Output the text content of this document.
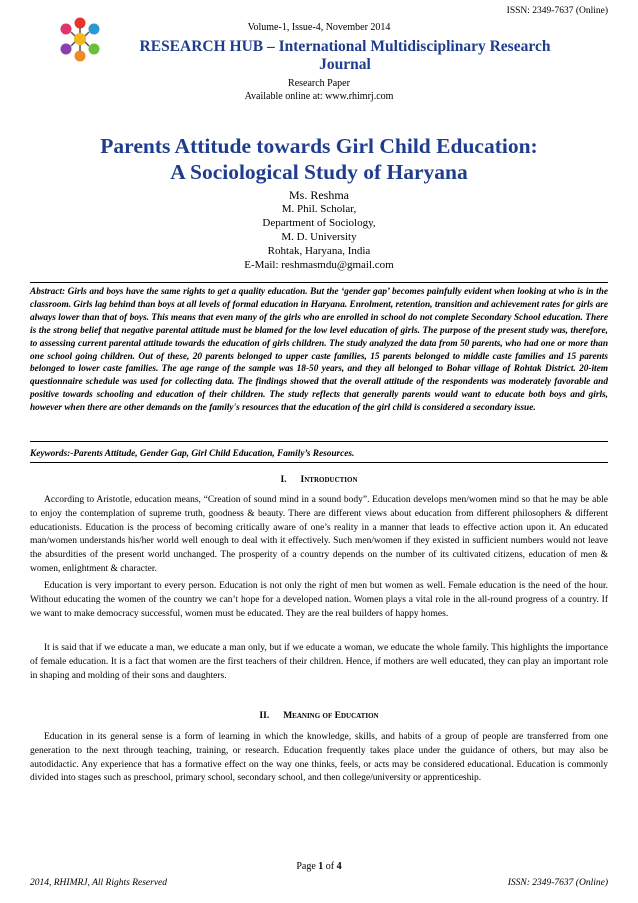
ISSN: 2349-7637 (Online)
Volume-1, Issue-4, November 2014
RESEARCH HUB – International Multidisciplinary Research Journal
Research Paper
Available online at: www.rhimrj.com
Parents Attitude towards Girl Child Education:
A Sociological Study of Haryana
Ms. Reshma
M. Phil. Scholar,
Department of Sociology,
M. D. University
Rohtak, Haryana, India
E-Mail: reshmasmdu@gmail.com
Abstract: Girls and boys have the same rights to get a quality education. But the ‘gender gap’ becomes painfully evident when looking at who is in the classroom. Girls lag behind than boys at all levels of formal education in Haryana. Enrolment, retention, transition and achievement rates for girls are always lower than that of boys. This means that even many of the girls who are enrolled in school do not complete Secondary School education. There is the strong belief that negative parental attitude must be blamed for the low level education of girls. The purpose of the present study was, therefore, to assessing current parental attitude towards the education of girls children. The study analyzed the data from 50 parents, who had one or more than one school going children. Out of these, 20 parents belonged to upper caste families, 15 parents belonged to middle caste families and 15 parents belonged to lower caste families. The age range of the sample was 18-50 years, and they all belonged to Bohar village of Rohtak District. 20-item questionnaire schedule was used for collecting data. The findings showed that the overall attitude of the respondents was moderately favorable and positive towards schooling and education of their children. The study reflects that generally parents would want to educate both boys and girls, however when there are other demands on the family's resources that the education of the girl child is considered a secondary issue.
Keywords:-Parents Attitude, Gender Gap, Girl Child Education, Family’s Resources.
I. Introduction

According to Aristotle, education means, “Creation of sound mind in a sound body”. Education develops men/women mind so that he may be able to enjoy the contemplation of supreme truth, goodness & beauty. There are different views about education from different philosophers & different educationists. Education is the process of becoming critically aware of one’s reality in a manner that leads to effective action upon it. An educated man/women understands his/her world well enough to deal with it effectively. Such men/women if they existed in sufficient numbers would not leave the absurdities of the present world unchanged. The prosperity of a country depends on the number of its cultivated citizens, education of men & women, enlightment & character.

Education is very important to every person. Education is not only the right of men but women as well. Female education is the need of the hour. Without educating the women of the country we can’t hope for a developed nation. Women plays a vital role in the all-round progress of a country. If we want to make democracy successful, women must be educated. They are the real builders of happy homes.

It is said that if we educate a man, we educate a man only, but if we educate a woman, we educate the whole family. This highlights the importance of female education. It is a fact that women are the first teachers of their children. Hence, if mothers are well educated, they can play an important role in shaping and molding of their sons and daughters.

II. Meaning of Education

Education in its general sense is a form of learning in which the knowledge, skills, and habits of a group of people are transferred from one generation to the next through teaching, training, or research. Education frequently takes place under the guidance of others, but may also be autodidactic. Any experience that has a formative effect on the way one thinks, feels, or acts may be considered educational. Education is commonly divided into stages such as preschool, primary school, secondary school, and then college/university or apprenticeship.

Page 1 of 4
2014, RHIMRJ, All Rights Reserved	ISSN: 2349-7637 (Online)
